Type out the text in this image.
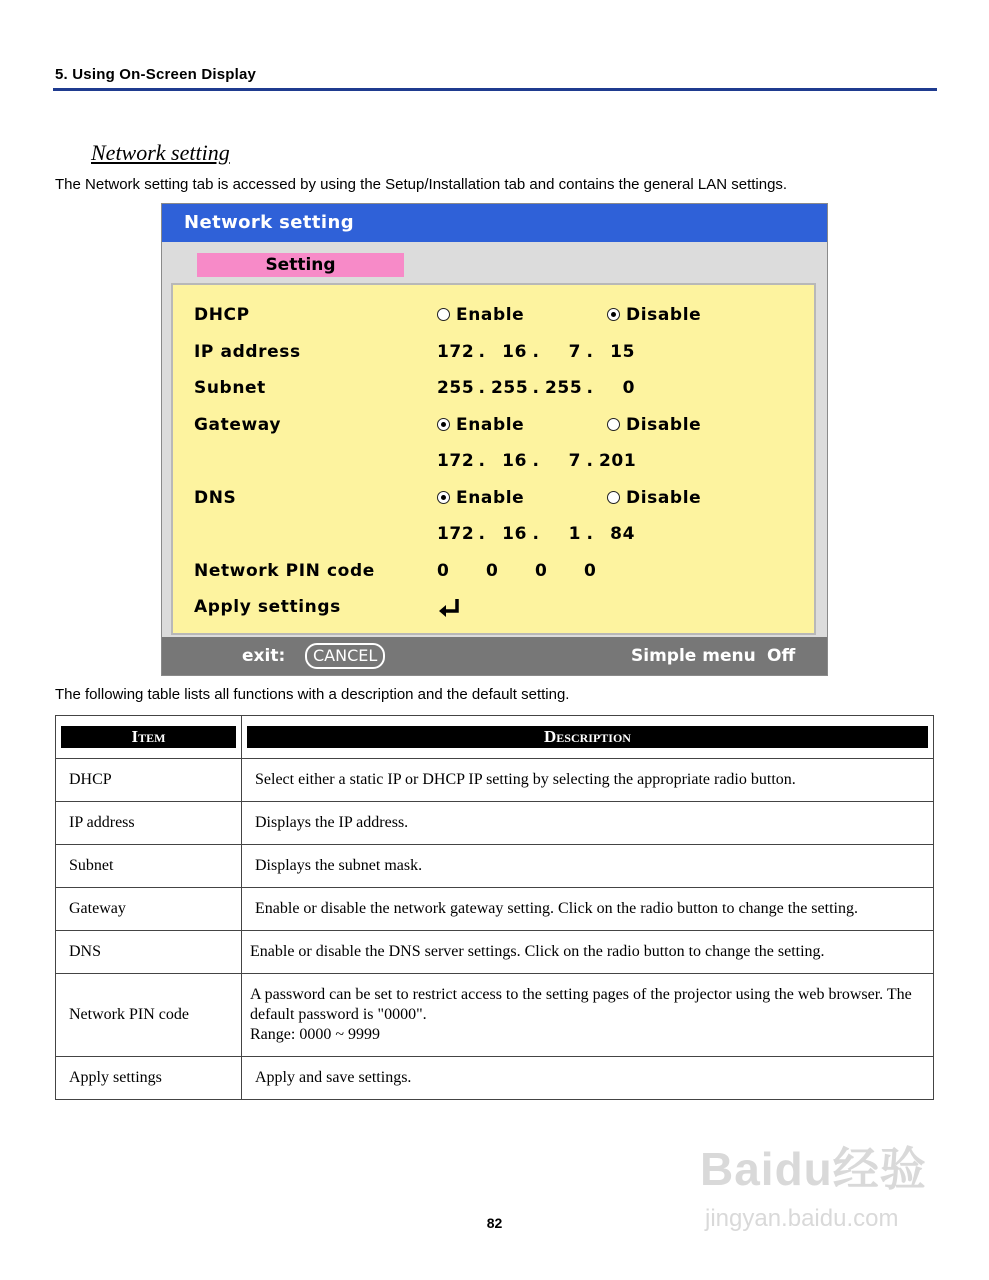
5. Using On-Screen Display
Network setting
The Network setting tab is accessed by using the Setup/Installation tab and contains the general LAN settings.
Network setting
Setting
DHCP	Enable	Disable
IP address	172 . 16 . 7 . 15
Subnet	255 . 255 . 255 . 0
Gateway	Enable	Disable
172 . 16 . 7 . 201
DNS	Enable	Disable
172 . 16 . 1 . 84
Network PIN code	0 0 0 0
Apply settings
exit:	CANCEL	Simple menu Off
The following table lists all functions with a description and the default setting.
Item	Description

DHCP	Select either a static IP or DHCP IP setting by selecting the appropriate radio button.
IP address	Displays the IP address.
Subnet	Displays the subnet mask.
Gateway	Enable or disable the network gateway setting. Click on the radio button to change the setting.
DNS	Enable or disable the DNS server settings. Click on the radio button to change the setting.
Network PIN code	A password can be set to restrict access to the setting pages of the projector using the web browser. The default password is "0000".
Range: 0000 ~ 9999

Apply settings	Apply and save settings.
82
Baidu经验
jingyan.baidu.com
